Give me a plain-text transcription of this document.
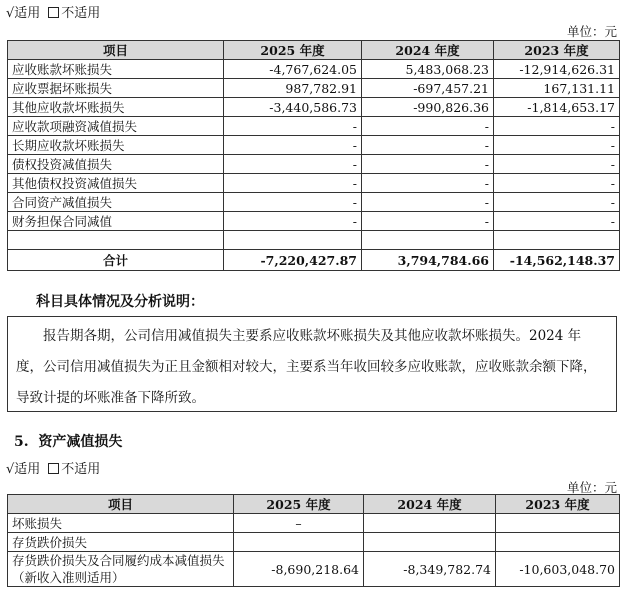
√适用 不适用
单位：元
项目	2025 年度	2024 年度	2023 年度
应收账款坏账损失	-4,767,624.05	5,483,068.23	-12,914,626.31
应收票据坏账损失	987,782.91	-697,457.21	167,131.11
其他应收款坏账损失	-3,440,586.73	-990,826.36	-1,814,653.17
应收款项融资减值损失	-	-	-
长期应收款坏账损失	-	-	-
债权投资减值损失	-	-	-
其他债权投资减值损失	-	-	-
合同资产减值损失	-	-	-
财务担保合同减值	-	-	-

合计	-7,220,427.87	3,794,784.66	-14,562,148.37
科目具体情况及分析说明：

报告期各期，公司信用减值损失主要系应收账款坏账损失及其他应收款坏账损失。2024 年度，公司信用减值损失为正且金额相对较大，主要系当年收回较多应收账款，应收账款余额下降，导致计提的坏账准备下降所致。

5. 资产减值损失
√适用 不适用
单位：元
项目	2025 年度	2024 年度	2023 年度
坏账损失	–		
存货跌价损失			
存货跌价损失及合同履约成本减值损失（新收入准则适用）	-8,690,218.64	-8,349,782.74	-10,603,048.70
